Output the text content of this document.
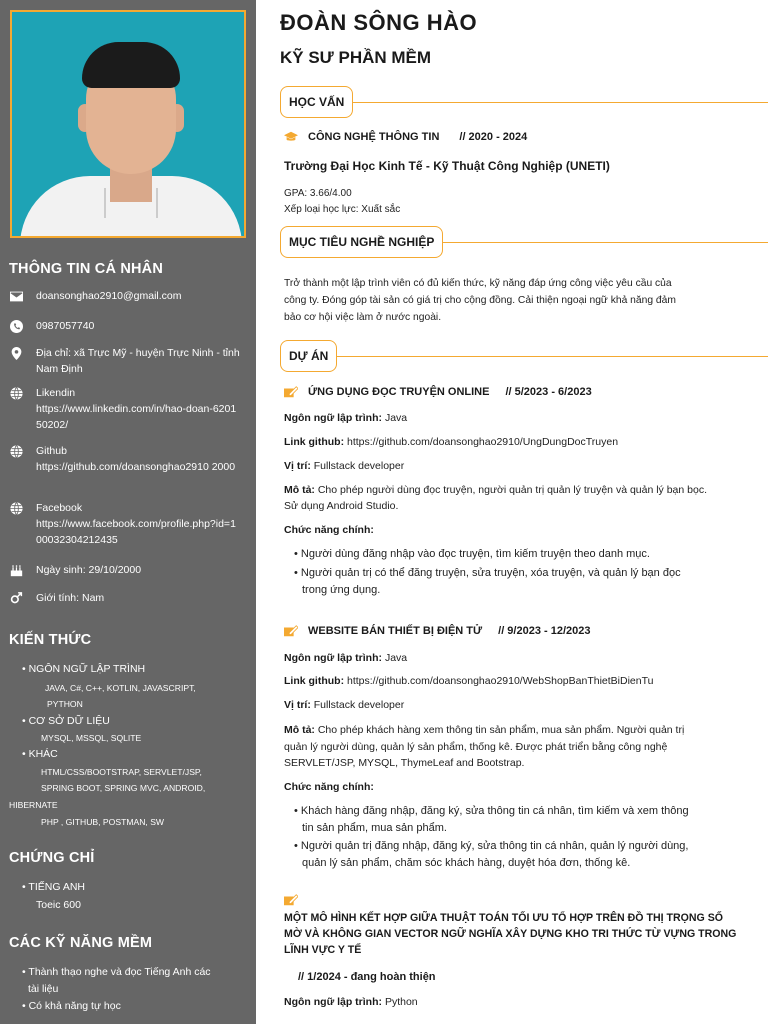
THÔNG TIN CÁ NHÂN
doansonghao2910@gmail.com
0987057740
Địa chỉ: xã Trực Mỹ - huyện Trực Ninh - tỉnh Nam Định
Likendin
https://www.linkedin.com/in/hao-doan-620150202/
Github
https://github.com/doansonghao2910 2000
Facebook
https://www.facebook.com/profile.php?id=100032304212435
Ngày sinh: 29/10/2000
Giới tính: Nam
KIẾN THỨC
• NGÔN NGỮ LẬP TRÌNH
JAVA, C#, C++, KOTLIN, JAVASCRIPT,
PYTHON
• CƠ SỞ DỮ LIỆU
MYSQL, MSSQL, SQLITE
• KHÁC
HTML/CSS/BOOTSTRAP, SERVLET/JSP,
SPRING BOOT, SPRING MVC, ANDROID,
HIBERNATE
PHP , GITHUB, POSTMAN, SW
CHỨNG CHỈ
• TIẾNG ANH
Toeic 600
CÁC KỸ NĂNG MỀM
• Thành thạo nghe và đọc Tiếng Anh các
tài liệu
• Có khả năng tự học
ĐOÀN SÔNG HÀO
KỸ SƯ PHẦN MỀM
HỌC VẤN
CÔNG NGHỆ THÔNG TIN // 2020 - 2024
Trường Đại Học Kinh Tế - Kỹ Thuật Công Nghiệp (UNETI)
GPA: 3.66/4.00
Xếp loại học lực: Xuất sắc
MỤC TIÊU NGHỀ NGHIỆP
Trở thành một lập trình viên có đủ kiến thức, kỹ năng đáp ứng công việc yêu cầu của
công ty. Đóng góp tài sản có giá trị cho cộng đồng. Cải thiện ngoại ngữ khả năng đảm
bảo cơ hội việc làm ở nước ngoài.
DỰ ÁN
ỨNG DỤNG ĐỌC TRUYỆN ONLINE // 5/2023 - 6/2023
Ngôn ngữ lập trình: Java
Link github: https://github.com/doansonghao2910/UngDungDocTruyen
Vị trí: Fullstack developer
Mô tả: Cho phép người dùng đọc truyện, người quản trị quản lý truyện và quản lý bạn bọc.
Sử dụng Android Studio.
Chức năng chính:
• Người dùng đăng nhập vào đọc truyện, tìm kiếm truyện theo danh mục.
• Người quản trị có thể đăng truyện, sửa truyện, xóa truyện, và quản lý bạn đọc
trong ứng dụng.
WEBSITE BÁN THIẾT BỊ ĐIỆN TỬ // 9/2023 - 12/2023
Ngôn ngữ lập trình: Java
Link github: https://github.com/doansonghao2910/WebShopBanThietBiDienTu
Vị trí: Fullstack developer
Mô tả: Cho phép khách hàng xem thông tin sản phẩm, mua sản phẩm. Người quản trị
quản lý người dùng, quản lý sản phẩm, thống kê. Được phát triển bằng công nghệ
SERVLET/JSP, MYSQL, ThymeLeaf and Bootstrap.
Chức năng chính:
• Khách hàng đăng nhập, đăng ký, sửa thông tin cá nhân, tìm kiếm và xem thông
tin sản phẩm, mua sản phẩm.
• Người quản trị đăng nhập, đăng ký, sửa thông tin cá nhân, quản lý người dùng,
quản lý sản phẩm, chăm sóc khách hàng, duyệt hóa đơn, thống kê.
MỘT MÔ HÌNH KẾT HỢP GIỮA THUẬT TOÁN TỐI ƯU TỔ HỢP TRÊN ĐỒ THỊ TRỌNG SỐ
MỜ VÀ KHÔNG GIAN VECTOR NGỮ NGHĨA XÂY DỰNG KHO TRI THỨC TỪ VỰNG TRONG
LĨNH VỰC Y TẾ
// 1/2024 - đang hoàn thiện
Ngôn ngữ lập trình: Python
